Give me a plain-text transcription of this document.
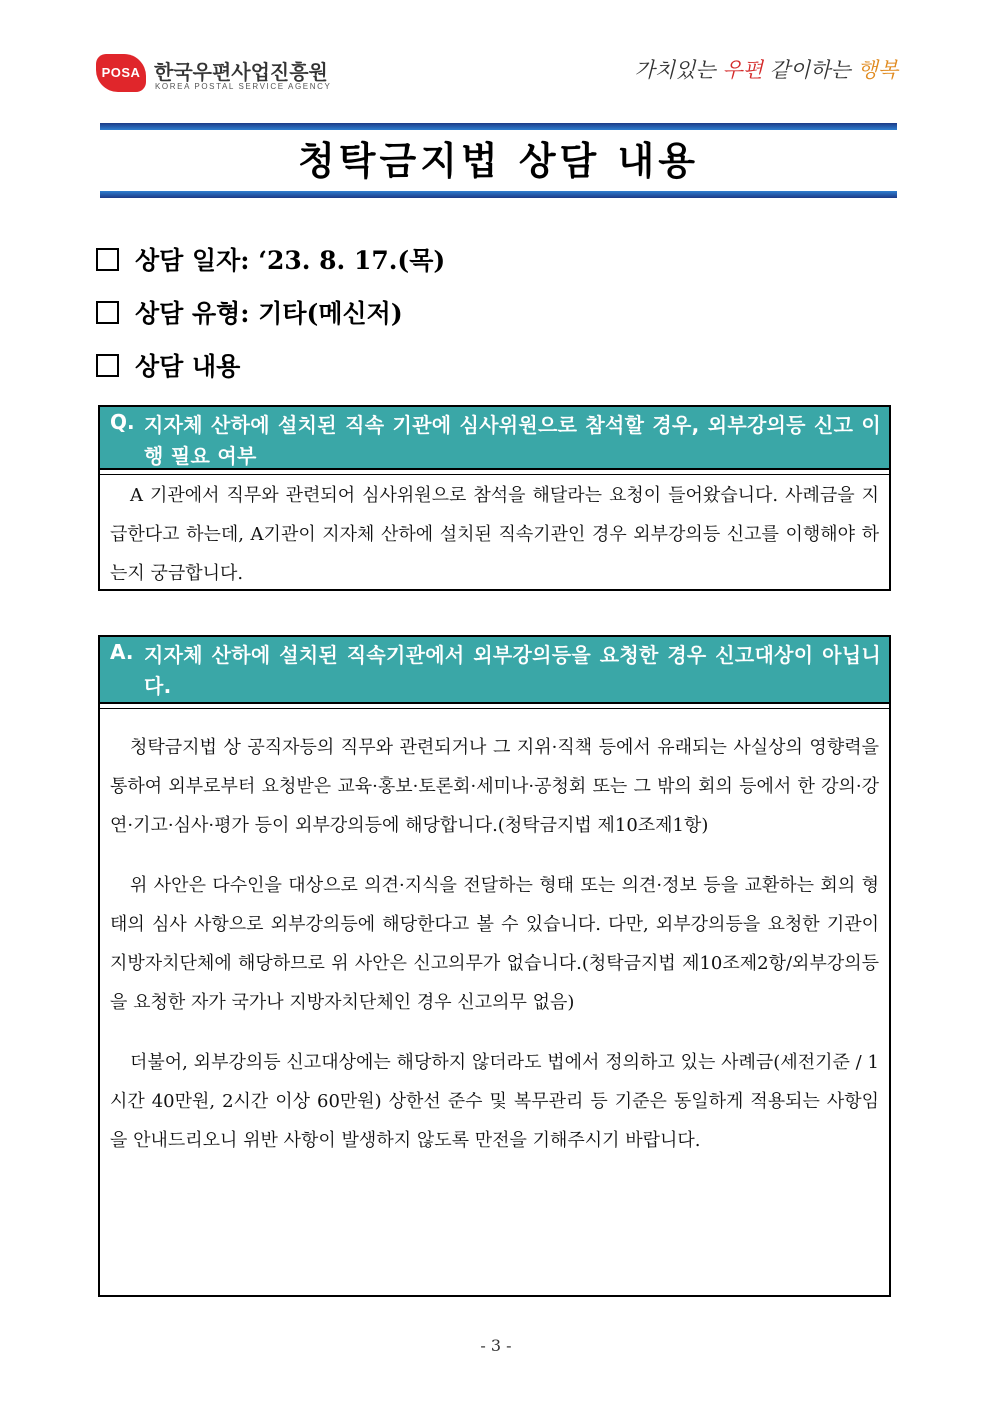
POSA 한국우편사업진흥원
KOREA POSTAL SERVICE AGENCY
가치있는 우편 같이하는 행복
청탁금지법 상담 내용
상담 일자: ‘23. 8. 17.(목)
상담 유형: 기타(메신저)
상담 내용
Q. 지자체 산하에 설치된 직속 기관에 심사위원으로 참석할 경우, 외부강의등 신고 이행 필요 여부
A 기관에서 직무와 관련되어 심사위원으로 참석을 해달라는 요청이 들어왔습니다. 사례금을 지급한다고 하는데, A기관이 지자체 산하에 설치된 직속기관인 경우 외부강의등 신고를 이행해야 하는지 궁금합니다.
A. 지자체 산하에 설치된 직속기관에서 외부강의등을 요청한 경우 신고대상이 아닙니다.
청탁금지법 상 공직자등의 직무와 관련되거나 그 지위·직책 등에서 유래되는 사실상의 영향력을 통하여 외부로부터 요청받은 교육·홍보·토론회·세미나·공청회 또는 그 밖의 회의 등에서 한 강의·강연·기고·심사·평가 등이 외부강의등에 해당합니다.(청탁금지법 제10조제1항)
위 사안은 다수인을 대상으로 의견·지식을 전달하는 형태 또는 의견·정보 등을 교환하는 회의 형태의 심사 사항으로 외부강의등에 해당한다고 볼 수 있습니다. 다만, 외부강의등을 요청한 기관이 지방자치단체에 해당하므로 위 사안은 신고의무가 없습니다.(청탁금지법 제10조제2항/외부강의등을 요청한 자가 국가나 지방자치단체인 경우 신고의무 없음)
더불어, 외부강의등 신고대상에는 해당하지 않더라도 법에서 정의하고 있는 사례금(세전기준 / 1시간 40만원, 2시간 이상 60만원) 상한선 준수 및 복무관리 등 기준은 동일하게 적용되는 사항임을 안내드리오니 위반 사항이 발생하지 않도록 만전을 기해주시기 바랍니다.
- 3 -
